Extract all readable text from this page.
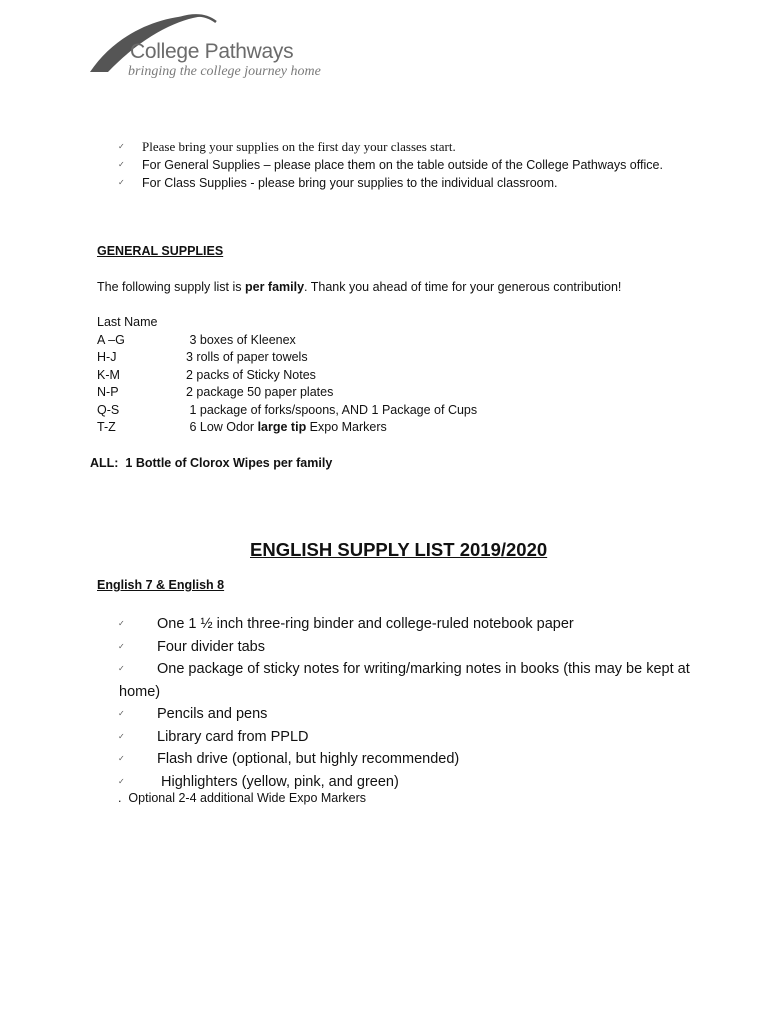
College Pathways
bringing the college journey home
✓ Please bring your supplies on the first day your classes start.
✓ For General Supplies – please place them on the table outside of the College Pathways office.
✓ For Class Supplies - please bring your supplies to the individual classroom.
GENERAL SUPPLIES
The following supply list is per family. Thank you ahead of time for your generous contribution!
Last Name
A –G	3 boxes of Kleenex
H-J	3 rolls of paper towels
K-M	2 packs of Sticky Notes
N-P	2 package 50 paper plates
Q-S	1 package of forks/spoons, AND 1 Package of Cups
T-Z	6 Low Odor large tip Expo Markers
ALL:  1 Bottle of Clorox Wipes per family
ENGLISH SUPPLY LIST 2019/2020
English 7 & English 8
✓ One 1 ½ inch three-ring binder and college-ruled notebook paper
✓ Four divider tabs
✓ One package of sticky notes for writing/marking notes in books (this may be kept at
home)
✓ Pencils and pens
✓ Library card from PPLD
✓ Flash drive (optional, but highly recommended)
✓ Highlighters (yellow, pink, and green)
.  Optional 2-4 additional Wide Expo Markers
